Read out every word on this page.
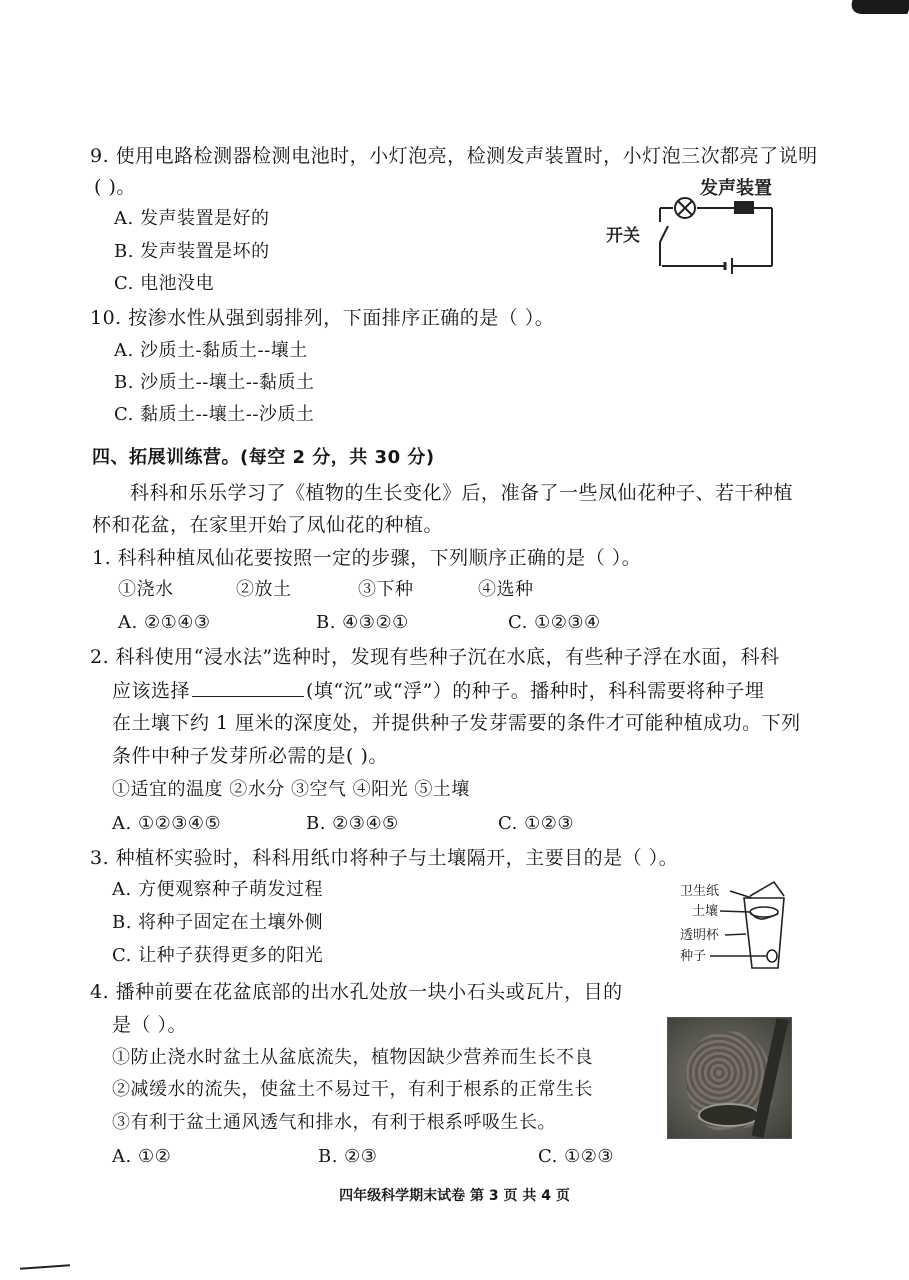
9. 使用电路检测器检测电池时，小灯泡亮，检测发声装置时，小灯泡三次都亮了说明
( )。
A. 发声装置是好的
B. 发声装置是坏的
C. 电池没电
发声装置
开关
10. 按渗水性从强到弱排列，下面排序正确的是（ ）。
A. 沙质土-黏质土--壤土
B. 沙质土--壤土--黏质土
C. 黏质土--壤土--沙质土
四、拓展训练营。(每空 2 分，共 30 分)
科科和乐乐学习了《植物的生长变化》后，准备了一些凤仙花种子、若干种植
杯和花盆，在家里开始了凤仙花的种植。
1. 科科种植凤仙花要按照一定的步骤，下列顺序正确的是（ ）。
①浇水	②放土	③下种	④选种
A. ②①④③	B. ④③②①	C. ①②③④
2. 科科使用“浸水法”选种时，发现有些种子沉在水底，有些种子浮在水面，科科
应该选择	(填“沉”或“浮”）的种子。播种时，科科需要将种子埋
在土壤下约 1 厘米的深度处，并提供种子发芽需要的条件才可能种植成功。下列
条件中种子发芽所必需的是( )。
①适宜的温度 ②水分 ③空气 ④阳光 ⑤土壤
A. ①②③④⑤	B. ②③④⑤	C. ①②③
3. 种植杯实验时，科科用纸巾将种子与土壤隔开，主要目的是（ ）。
A. 方便观察种子萌发过程
B. 将种子固定在土壤外侧
C. 让种子获得更多的阳光
卫生纸
土壤
透明杯
种子
4. 播种前要在花盆底部的出水孔处放一块小石头或瓦片，目的
是（ ）。
①防止浇水时盆土从盆底流失，植物因缺少营养而生长不良
②减缓水的流失，使盆土不易过干，有利于根系的正常生长
③有利于盆土通风透气和排水，有利于根系呼吸生长。
A. ①②	B. ②③	C. ①②③
四年级科学期末试卷 第 3 页 共 4 页
